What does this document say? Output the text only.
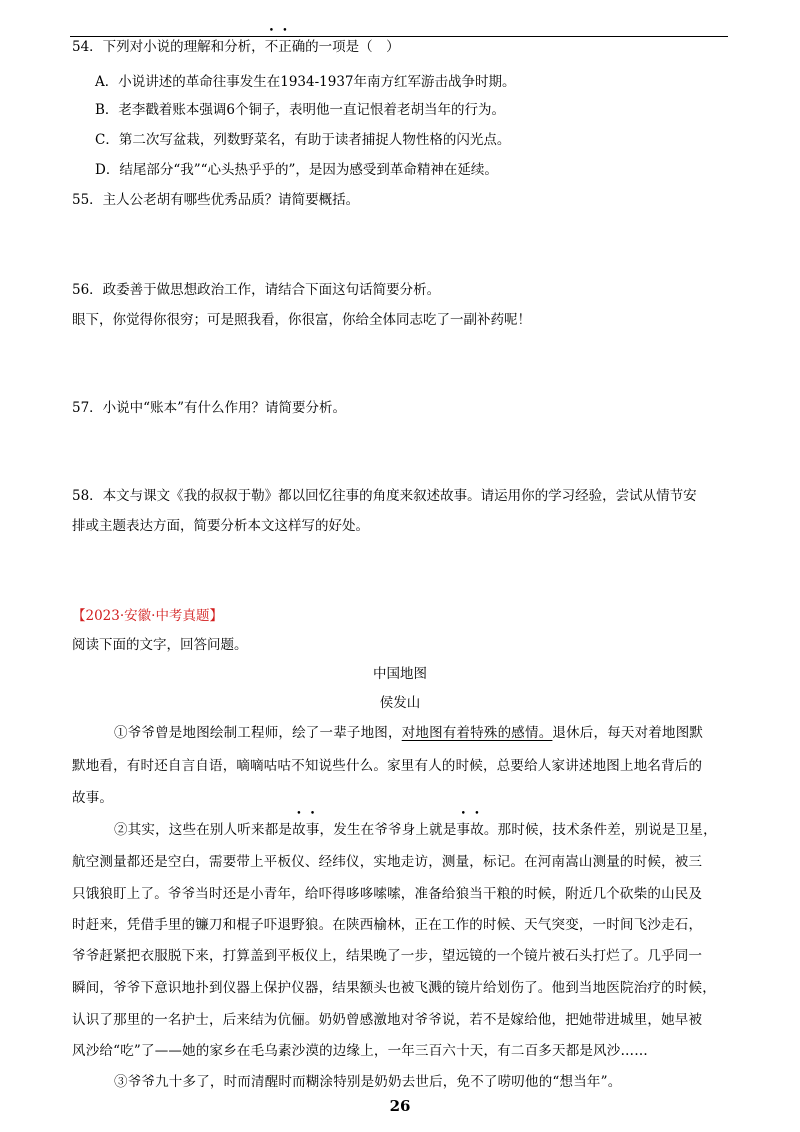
54．下列对小说的理解和分析，不正确的一项是（　）
A．小说讲述的革命往事发生在1934-1937年南方红军游击战争时期。
B．老李戳着账本强调6个铜子，表明他一直记恨着老胡当年的行为。
C．第二次写盆栽，列数野菜名，有助于读者捕捉人物性格的闪光点。
D．结尾部分“我”“心头热乎乎的”，是因为感受到革命精神在延续。
55．主人公老胡有哪些优秀品质？请简要概括。
56．政委善于做思想政治工作，请结合下面这句话简要分析。
眼下，你觉得你很穷；可是照我看，你很富，你给全体同志吃了一副补药呢！
57．小说中“账本”有什么作用？请简要分析。
58．本文与课文《我的叔叔于勒》都以回忆往事的角度来叙述故事。请运用你的学习经验，尝试从情节安
排或主题表达方面，简要分析本文这样写的好处。
【2023·安徽·中考真题】
阅读下面的文字，回答问题。
中国地图
侯发山
①爷爷曾是地图绘制工程师，绘了一辈子地图，对地图有着特殊的感情。退休后，每天对着地图默
默地看，有时还自言自语，嘀嘀咕咕不知说些什么。家里有人的时候，总要给人家讲述地图上地名背后的
故事。
②其实，这些在别人听来都是故事，发生在爷爷身上就是事故。那时候，技术条件差，别说是卫星，
航空测量都还是空白，需要带上平板仪、经纬仪，实地走访，测量，标记。在河南嵩山测量的时候，被三
只饿狼盯上了。爷爷当时还是小青年，给吓得哆哆嗦嗦，准备给狼当干粮的时候，附近几个砍柴的山民及
时赶来，凭借手里的镰刀和棍子吓退野狼。在陕西榆林，正在工作的时候、天气突变，一时间飞沙走石，
爷爷赶紧把衣服脱下来，打算盖到平板仪上，结果晚了一步，望远镜的一个镜片被石头打烂了。几乎同一
瞬间，爷爷下意识地扑到仪器上保护仪器，结果额头也被飞溅的镜片给划伤了。他到当地医院治疗的时候，
认识了那里的一名护士，后来结为伉俪。奶奶曾感激地对爷爷说，若不是嫁给他，把她带进城里，她早被
风沙给“吃”了——她的家乡在毛乌素沙漠的边缘上，一年三百六十天，有二百多天都是风沙……
③爷爷九十多了，时而清醒时而糊涂特别是奶奶去世后，免不了唠叨他的“想当年”。
26
